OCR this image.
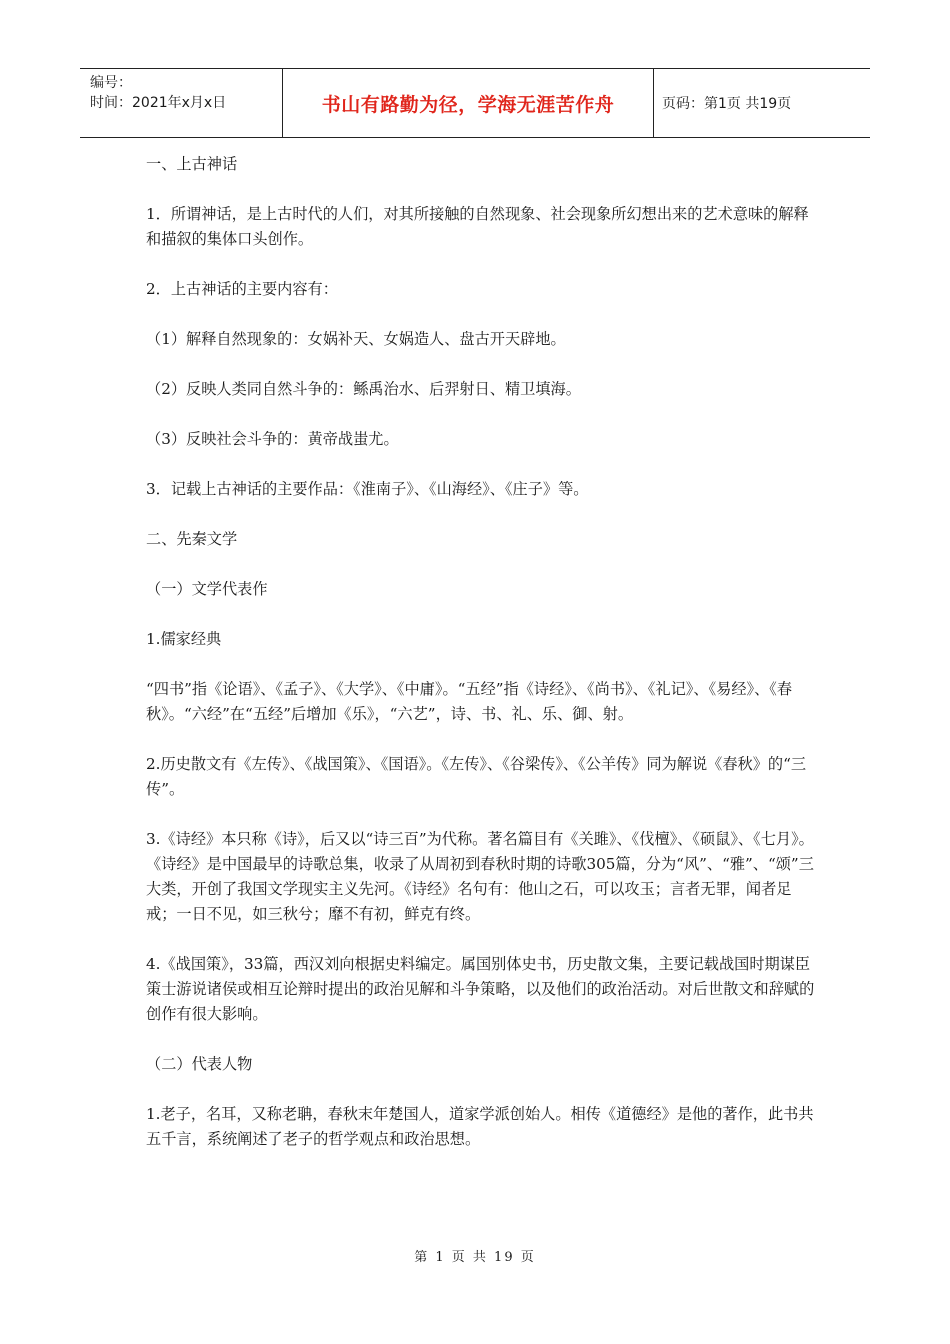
编号：
时间：2021年x月x日	书山有路勤为径，学海无涯苦作舟	页码：第1页 共19页

一、上古神话

1．所谓神话，是上古时代的人们，对其所接触的自然现象、社会现象所幻想出来的艺术意味的解释和描叙的集体口头创作。

2．上古神话的主要内容有：

（1）解释自然现象的：女娲补天、女娲造人、盘古开天辟地。

（2）反映人类同自然斗争的：鲧禹治水、后羿射日、精卫填海。

（3）反映社会斗争的：黄帝战蚩尤。

3．记载上古神话的主要作品：《淮南子》、《山海经》、《庄子》等。

二、先秦文学

（一）文学代表作

1.儒家经典

“四书”指《论语》、《孟子》、《大学》、《中庸》。“五经”指《诗经》、《尚书》、《礼记》、《易经》、《春秋》。“六经”在“五经”后增加《乐》，“六艺”，诗、书、礼、乐、御、射。

2.历史散文有《左传》、《战国策》、《国语》。《左传》、《谷梁传》、《公羊传》同为解说《春秋》的“三传”。

3.《诗经》本只称《诗》，后又以“诗三百”为代称。著名篇目有《关雎》、《伐檀》、《硕鼠》、《七月》。《诗经》是中国最早的诗歌总集，收录了从周初到春秋时期的诗歌305篇，分为“风”、“雅”、“颂”三大类，开创了我国文学现实主义先河。《诗经》名句有：他山之石，可以攻玉；言者无罪，闻者足戒；一日不见，如三秋兮；靡不有初，鲜克有终。

4.《战国策》，33篇，西汉刘向根据史料编定。属国别体史书，历史散文集，主要记载战国时期谋臣策士游说诸侯或相互论辩时提出的政治见解和斗争策略，以及他们的政治活动。对后世散文和辞赋的创作有很大影响。

（二）代表人物

1.老子，名耳，又称老聃，春秋末年楚国人，道家学派创始人。相传《道德经》是他的著作，此书共五千言，系统阐述了老子的哲学观点和政治思想。

第 1 页 共 19 页
